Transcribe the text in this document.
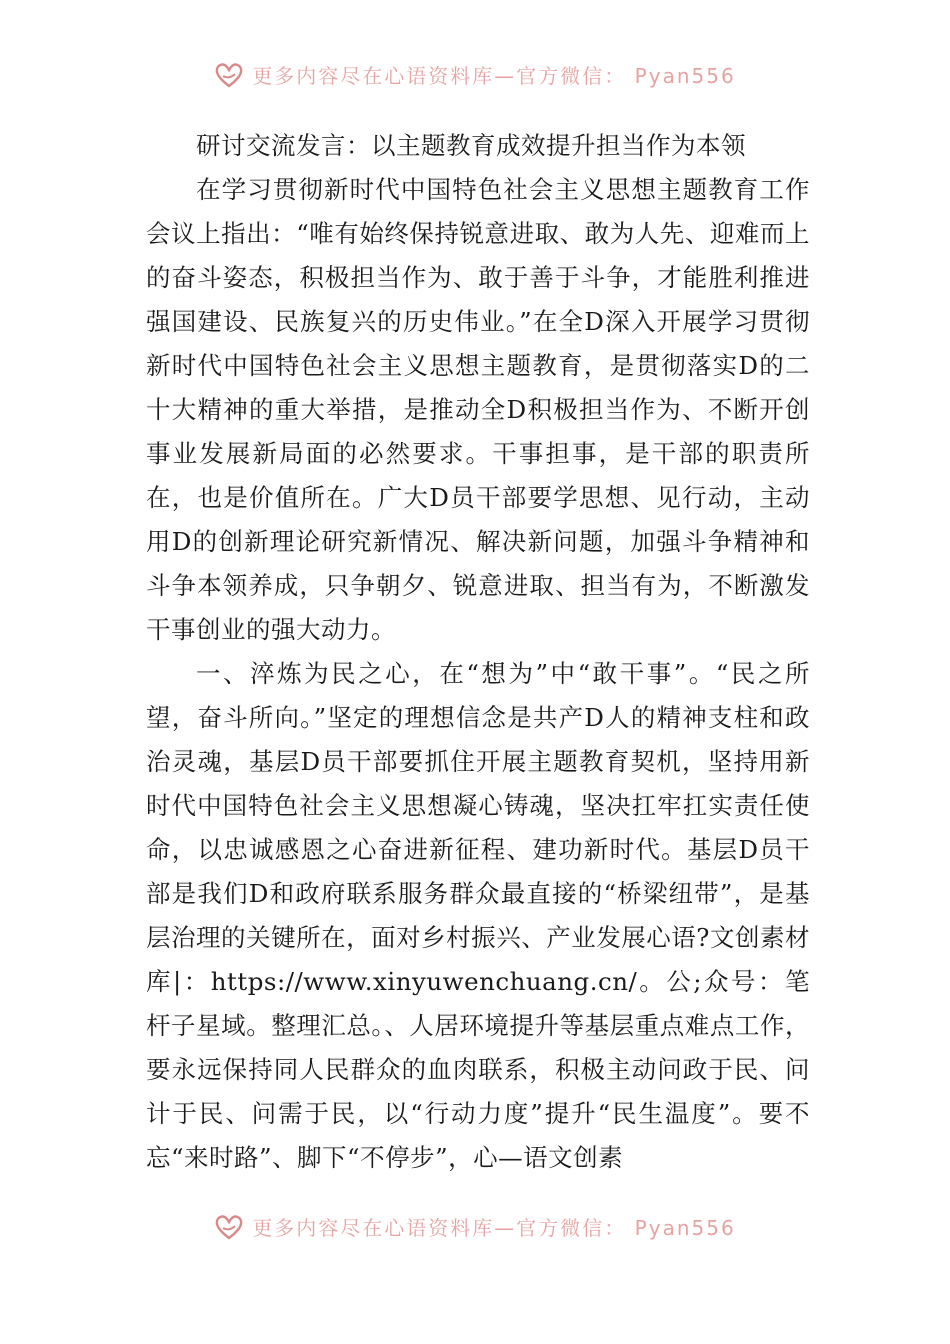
更多内容尽在心语资料库—官方微信： Pyan556

研讨交流发言：以主题教育成效提升担当作为本领

在学习贯彻新时代中国特色社会主义思想主题教育工作会议上指出：“唯有始终保持锐意进取、敢为人先、迎难而上的奋斗姿态，积极担当作为、敢于善于斗争，才能胜利推进强国建设、民族复兴的历史伟业。”在全D深入开展学习贯彻新时代中国特色社会主义思想主题教育，是贯彻落实D的二十大精神的重大举措，是推动全D积极担当作为、不断开创事业发展新局面的必然要求。干事担事，是干部的职责所在，也是价值所在。广大D员干部要学思想、见行动，主动用D的创新理论研究新情况、解决新问题，加强斗争精神和斗争本领养成，只争朝夕、锐意进取、担当有为，不断激发干事创业的强大动力。

一、淬炼为民之心，在“想为”中“敢干事”。“民之所望，奋斗所向。”坚定的理想信念是共产D人的精神支柱和政治灵魂，基层D员干部要抓住开展主题教育契机，坚持用新时代中国特色社会主义思想凝心铸魂，坚决扛牢扛实责任使命，以忠诚感恩之心奋进新征程、建功新时代。基层D员干部是我们D和政府联系服务群众最直接的“桥梁纽带”，是基层治理的关键所在，面对乡村振兴、产业发展心语?文创素材库|：https://www.xinyuwenchuang.cn/。公;众号：笔杆子星域。整理汇总。、人居环境提升等基层重点难点工作，要永远保持同人民群众的血肉联系，积极主动问政于民、问计于民、问需于民，以“行动力度”提升“民生温度”。要不忘“来时路”、脚下“不停步”，心—语文创素

更多内容尽在心语资料库—官方微信： Pyan556
